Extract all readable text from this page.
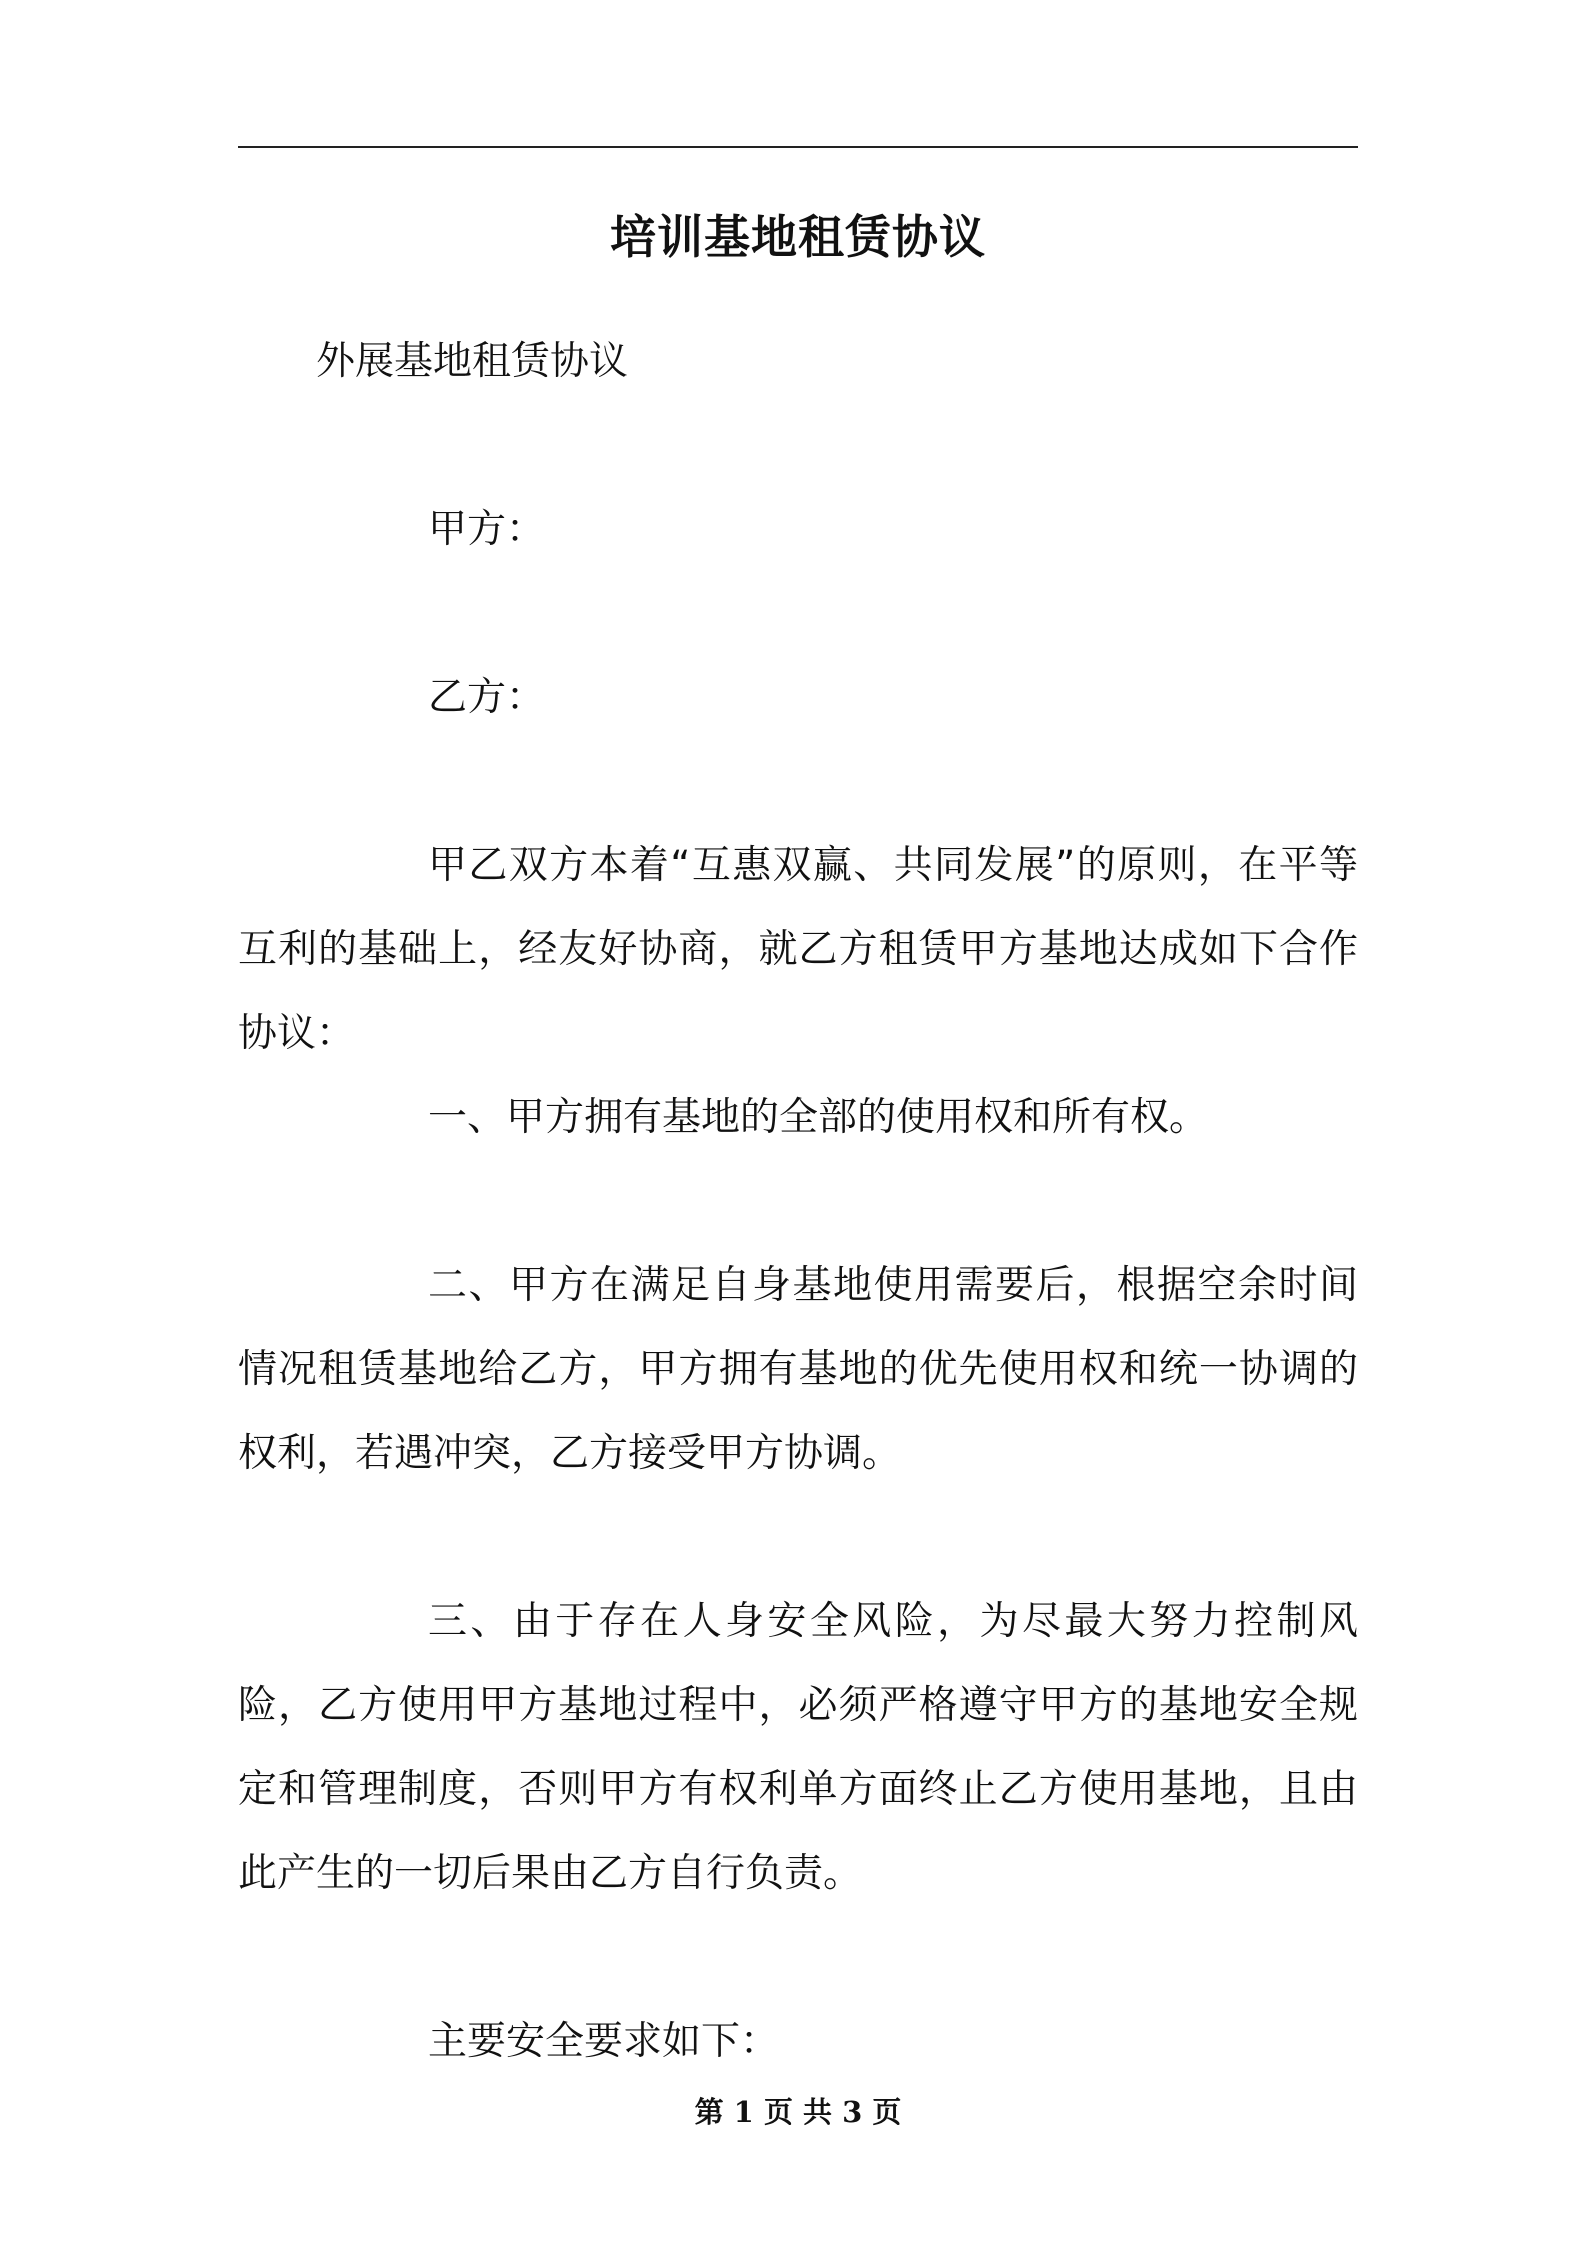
培训基地租赁协议
外展基地租赁协议
甲方：
乙方：
甲乙双方本着“互惠双赢、共同发展”的原则，在平等互利的基础上，经友好协商，就乙方租赁甲方基地达成如下合作协议：
一、甲方拥有基地的全部的使用权和所有权。
二、甲方在满足自身基地使用需要后，根据空余时间情况租赁基地给乙方，甲方拥有基地的优先使用权和统一协调的权利，若遇冲突，乙方接受甲方协调。
三、由于存在人身安全风险，为尽最大努力控制风险，乙方使用甲方基地过程中，必须严格遵守甲方的基地安全规定和管理制度，否则甲方有权利单方面终止乙方使用基地，且由此产生的一切后果由乙方自行负责。
主要安全要求如下：
第 1 页 共 3 页
